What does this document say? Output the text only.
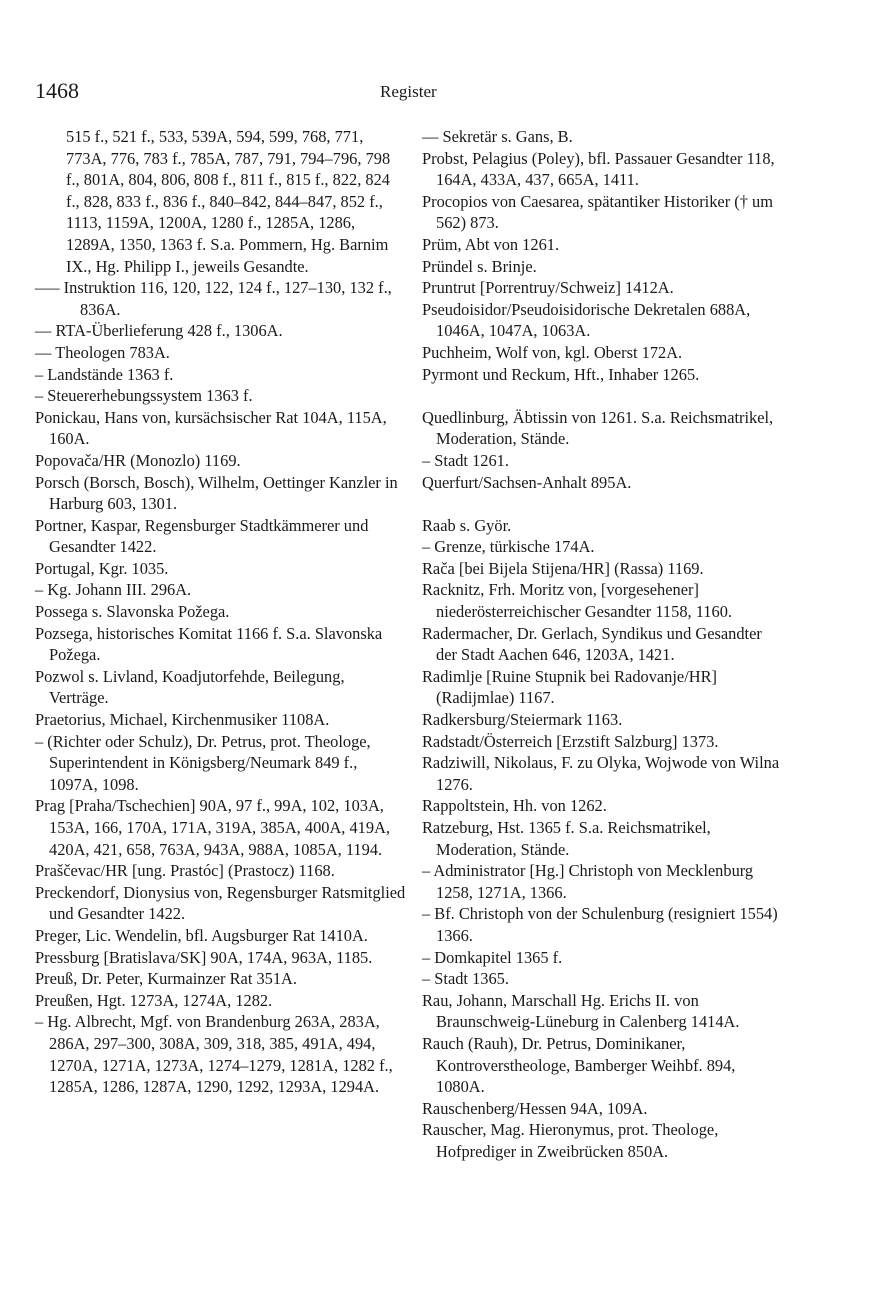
1468	Register

515 f., 521 f., 533, 539A, 594, 599, 768, 771, 773A, 776, 783 f., 785A, 787, 791, 794–796, 798 f., 801A, 804, 806, 808 f., 811 f., 815 f., 822, 824 f., 828, 833 f., 836 f., 840–842, 844–847, 852 f., 1113, 1159A, 1200A, 1280 f., 1285A, 1286, 1289A, 1350, 1363 f. S.a. Pommern, Hg. Barnim IX., Hg. Philipp I., jeweils Gesandte.

––– Instruktion 116, 120, 122, 124 f., 127–130, 132 f., 836A.

–– RTA-Überlieferung 428 f., 1306A.

–– Theologen 783A.

– Landstände 1363 f.

– Steuererhebungssystem 1363 f.

Ponickau, Hans von, kursächsischer Rat 104A, 115A, 160A.

Popovača/HR (Monozlo) 1169.

Porsch (Borsch, Bosch), Wilhelm, Oettinger Kanzler in Harburg 603, 1301.

Portner, Kaspar, Regensburger Stadtkämmerer und Gesandter 1422.

Portugal, Kgr. 1035.

– Kg. Johann III. 296A.

Possega s. Slavonska Požega.

Pozsega, historisches Komitat 1166 f. S.a. Slavonska Požega.

Pozwol s. Livland, Koadjutorfehde, Beilegung, Verträge.

Praetorius, Michael, Kirchenmusiker 1108A.

– (Richter oder Schulz), Dr. Petrus, prot. Theologe, Superintendent in Königsberg/Neumark 849 f., 1097A, 1098.

Prag [Praha/Tschechien] 90A, 97 f., 99A, 102, 103A, 153A, 166, 170A, 171A, 319A, 385A, 400A, 419A, 420A, 421, 658, 763A, 943A, 988A, 1085A, 1194.

Praščevac/HR [ung. Prastóc] (Prastocz) 1168.

Preckendorf, Dionysius von, Regensburger Ratsmitglied und Gesandter 1422.

Preger, Lic. Wendelin, bfl. Augsburger Rat 1410A.

Pressburg [Bratislava/SK] 90A, 174A, 963A, 1185.

Preuß, Dr. Peter, Kurmainzer Rat 351A.

Preußen, Hgt. 1273A, 1274A, 1282.

– Hg. Albrecht, Mgf. von Brandenburg 263A, 283A, 286A, 297–300, 308A, 309, 318, 385, 491A, 494, 1270A, 1271A, 1273A, 1274–1279, 1281A, 1282 f., 1285A, 1286, 1287A, 1290, 1292, 1293A, 1294A.

–– Sekretär s. Gans, B.

Probst, Pelagius (Poley), bfl. Passauer Gesandter 118, 164A, 433A, 437, 665A, 1411.

Procopios von Caesarea, spätantiker Historiker († um 562) 873.

Prüm, Abt von 1261.

Pründel s. Brinje.

Pruntrut [Porrentruy/Schweiz] 1412A.

Pseudoisidor/Pseudoisidorische Dekretalen 688A, 1046A, 1047A, 1063A.

Puchheim, Wolf von, kgl. Oberst 172A.

Pyrmont und Reckum, Hft., Inhaber 1265.

Quedlinburg, Äbtissin von 1261. S.a. Reichsmatrikel, Moderation, Stände.

– Stadt 1261.

Querfurt/Sachsen-Anhalt 895A.

Raab s. Györ.

– Grenze, türkische 174A.

Rača [bei Bijela Stijena/HR] (Rassa) 1169.

Racknitz, Frh. Moritz von, [vorgesehener] niederösterreichischer Gesandter 1158, 1160.

Radermacher, Dr. Gerlach, Syndikus und Gesandter der Stadt Aachen 646, 1203A, 1421.

Radimlje [Ruine Stupnik bei Radovanje/HR] (Radijmlae) 1167.

Radkersburg/Steiermark 1163.

Radstadt/Österreich [Erzstift Salzburg] 1373.

Radziwill, Nikolaus, F. zu Olyka, Wojwode von Wilna 1276.

Rappoltstein, Hh. von 1262.

Ratzeburg, Hst. 1365 f. S.a. Reichsmatrikel, Moderation, Stände.

– Administrator [Hg.] Christoph von Mecklenburg 1258, 1271A, 1366.

– Bf. Christoph von der Schulenburg (resigniert 1554) 1366.

– Domkapitel 1365 f.

– Stadt 1365.

Rau, Johann, Marschall Hg. Erichs II. von Braunschweig-Lüneburg in Calenberg 1414A.

Rauch (Rauh), Dr. Petrus, Dominikaner, Kontroverstheologe, Bamberger Weihbf. 894, 1080A.

Rauschenberg/Hessen 94A, 109A.

Rauscher, Mag. Hieronymus, prot. Theologe, Hofprediger in Zweibrücken 850A.
